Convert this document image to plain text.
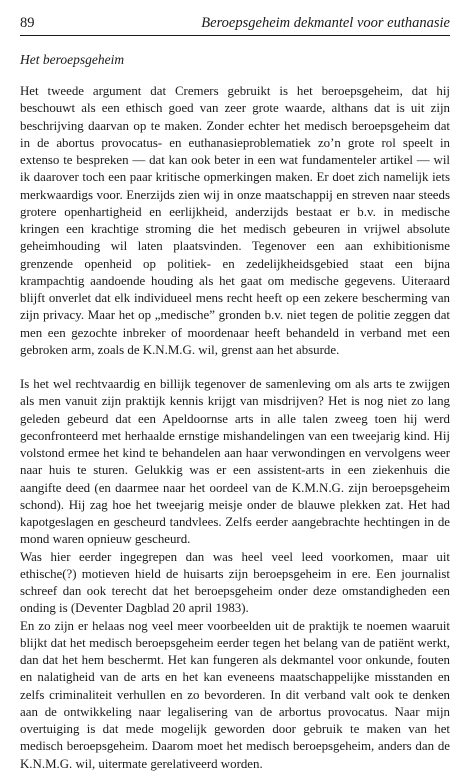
89	Beroepsgeheim dekmantel voor euthanasie
Het beroepsgeheim

Het tweede argument dat Cremers gebruikt is het beroepsgeheim, dat hij beschouwt als een ethisch goed van zeer grote waarde, althans dat is uit zijn beschrijving daarvan op te maken. Zonder echter het medisch beroepsgeheim dat in de abortus provocatus- en euthanasieproblematiek zo’n grote rol speelt in extenso te bespreken — dat kan ook beter in een wat fundamenteler artikel — wil ik daarover toch een paar kritische opmerkingen maken. Er doet zich namelijk iets merkwaardigs voor. Enerzijds zien wij in onze maatschappij en streven naar steeds grotere openhartigheid en eerlijkheid, anderzijds bestaat er b.v. in medische kringen een krachtige stroming die het medisch gebeuren in vrijwel absolute geheimhouding wil laten plaatsvinden. Tegenover een aan exhibitionisme grenzende openheid op politiek- en zedelijkheidsgebied staat een bijna krampachtig aandoende houding als het gaat om medische gegevens. Uiteraard blijft onverlet dat elk individueel mens recht heeft op een zekere bescherming van zijn privacy. Maar het op „medische” gronden b.v. niet tegen de politie zeggen dat men een gezochte inbreker of moordenaar heeft behandeld in verband met een gebroken arm, zoals de K.N.M.G. wil, grenst aan het absurde.

Is het wel rechtvaardig en billijk tegenover de samenleving om als arts te zwijgen als men vanuit zijn praktijk kennis krijgt van misdrijven? Het is nog niet zo lang geleden gebeurd dat een Apeldoornse arts in alle talen zweeg toen hij werd geconfronteerd met herhaalde ernstige mishandelingen van een tweejarig kind. Hij volstond ermee het kind te behandelen aan haar verwondingen en vervolgens weer naar huis te sturen. Gelukkig was er een assistent-arts in een ziekenhuis die aangifte deed (en daarmee naar het oordeel van de K.M.N.G. zijn beroepsgeheim schond). Hij zag hoe het tweejarig meisje onder de blauwe plekken zat. Het had kapotgeslagen en gescheurd tandvlees. Zelfs eerder aangebrachte hechtingen in de mond waren opnieuw gescheurd.

Was hier eerder ingegrepen dan was heel veel leed voorkomen, maar uit ethische(?) motieven hield de huisarts zijn beroepsgeheim in ere. Een journalist schreef dan ook terecht dat het beroepsgeheim onder deze omstandigheden een onding is (Deventer Dagblad 20 april 1983).

En zo zijn er helaas nog veel meer voorbeelden uit de praktijk te noemen waaruit blijkt dat het medisch beroepsgeheim eerder tegen het belang van de patiënt werkt, dan dat het hem beschermt. Het kan fungeren als dekmantel voor onkunde, fouten en nalatigheid van de arts en het kan eveneens maatschappelijke misstanden en zelfs criminaliteit verhullen en zo bevorderen. In dit verband valt ook te denken aan de ontwikkeling naar legalisering van de arbortus provocatus. Naar mijn overtuiging is dat mede mogelijk geworden door gebruik te maken van het medisch beroepsgeheim. Daarom moet het medisch beroepsgeheim, anders dan de K.N.M.G. wil, uitermate gerelativeerd worden.
